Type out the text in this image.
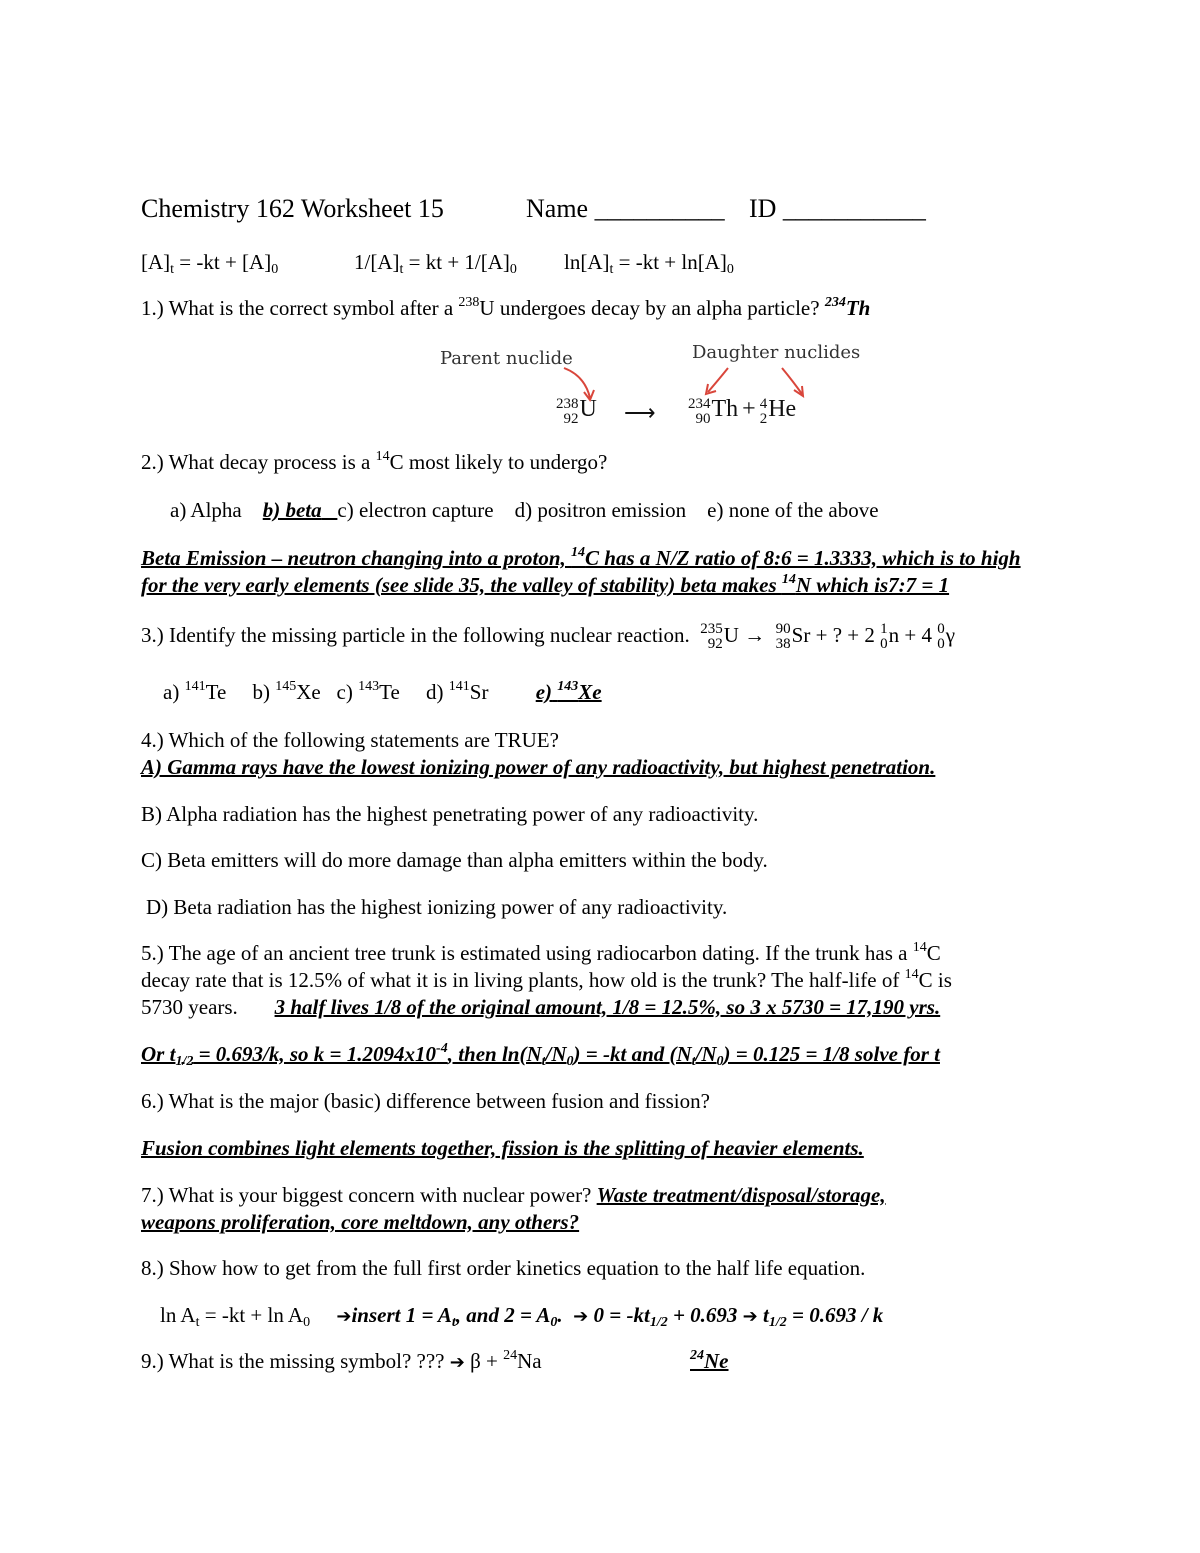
Chemistry 162 Worksheet 15	Name __________ ID ___________
$[A]_t = -kt + [A]_0$	$1/[A]_t$ = kt + $1/[A]_0$ $\ln[A]_t = -kt + \ln[A]_0$
1.) What is the correct symbol after a $^{238}$U undergoes decay by an alpha particle? $^{234}$Th
Parent nuclide	Daughter nuclides
238
92 U ⟶ 234
90 Th + 4
2 He
2.) What decay process is a $^{14}$C most likely to undergo?
a) Alpha b) beta c) electron capture d) positron emission e) none of the above
Beta Emission – neutron changing into a proton, $^{14}$C has a N/Z ratio of 8:6 = 1.3333, which is to high
for the very early elements (see slide 35, the valley of stability) beta makes $^{14}$N which is7:7 = 1
3.) Identify the missing particle in the following nuclear reaction. 235
92 U → 90
38 Sr + ? + 2 1
0 n + 4 0
0 γ
a) $^{141}$Te b) $^{145}$Xe c) $^{143}$Te d) $^{141}$Sr e) $^{143}$Xe
4.) Which of the following statements are TRUE?
A) Gamma rays have the lowest ionizing power of any radioactivity, but highest penetration.
B) Alpha radiation has the highest penetrating power of any radioactivity.
C) Beta emitters will do more damage than alpha emitters within the body.
D) Beta radiation has the highest ionizing power of any radioactivity.
5.) The age of an ancient tree trunk is estimated using radiocarbon dating. If the trunk has a $^{14}$C
decay rate that is 12.5% of what it is in living plants, how old is the trunk? The half-life of $^{14}$C is
5730 years. 3 half lives 1/8 of the original amount, 1/8 = 12.5%, so 3 x 5730 = 17,190 yrs.
Or $t_{1/2} = 0.693/k$, so $k = 1.2094x10^{-4}$, then $\ln(N_t/N_0) = -kt$ and $(N_t/N_0) = 0.125 = 1/8$ solve for t
6.) What is the major (basic) difference between fusion and fission?
Fusion combines light elements together, fission is the splitting of heavier elements.
7.) What is your biggest concern with nuclear power? Waste treatment/disposal/storage,
weapons proliferation, core meltdown, any others?
8.) Show how to get from the full first order kinetics equation to the half life equation.
$\ln A_t = -kt + \ln A_0$ ➔insert $1 = A_t$, and $2 = A_0$. ➔ $0 = -kt_{1/2} + 0.693$ ➔ $t_{1/2} = 0.693 / k$
9.) What is the missing symbol? ??? ➔ β + $^{24}$Na	$^{24}$Ne
